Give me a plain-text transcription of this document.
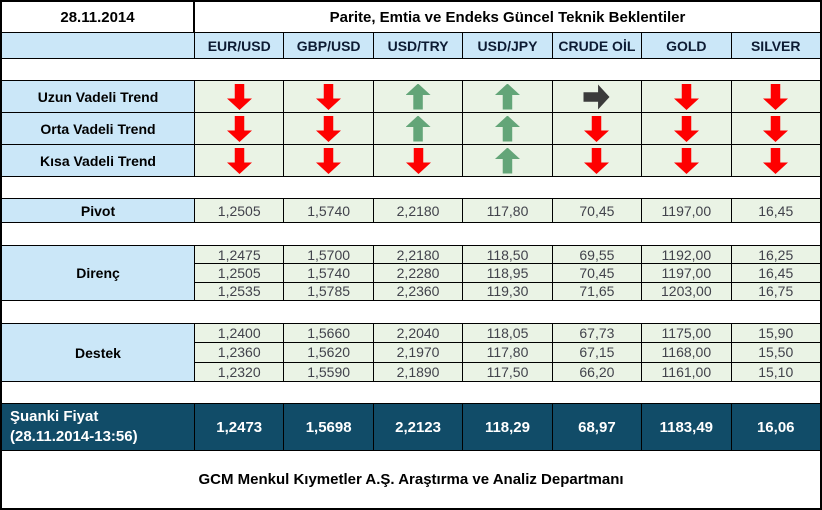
28.11.2014	Parite, Emtia ve Endeks Güncel Teknik Beklentiler
EUR/USD	GBP/USD	USD/TRY	USD/JPY	CRUDE OİL	GOLD	SILVER
Uzun Vadeli Trend
Orta Vadeli Trend
Kısa Vadeli Trend
Pivot	1,2505	1,5740	2,2180	117,80	70,45	1197,00	16,45
Direnç
1,2475	1,5700	2,2180	118,50	69,55	1192,00	16,25
1,2505	1,5740	2,2280	118,95	70,45	1197,00	16,45
1,2535	1,5785	2,2360	119,30	71,65	1203,00	16,75
Destek
1,2400	1,5660	2,2040	118,05	67,73	1175,00	15,90
1,2360	1,5620	2,1970	117,80	67,15	1168,00	15,50
1,2320	1,5590	2,1890	117,50	66,20	1161,00	15,10
Şuanki Fiyat
(28.11.2014-13:56)
1,2473	1,5698	2,2123	118,29	68,97	1183,49	16,06
GCM Menkul Kıymetler A.Ş. Araştırma ve Analiz Departmanı
